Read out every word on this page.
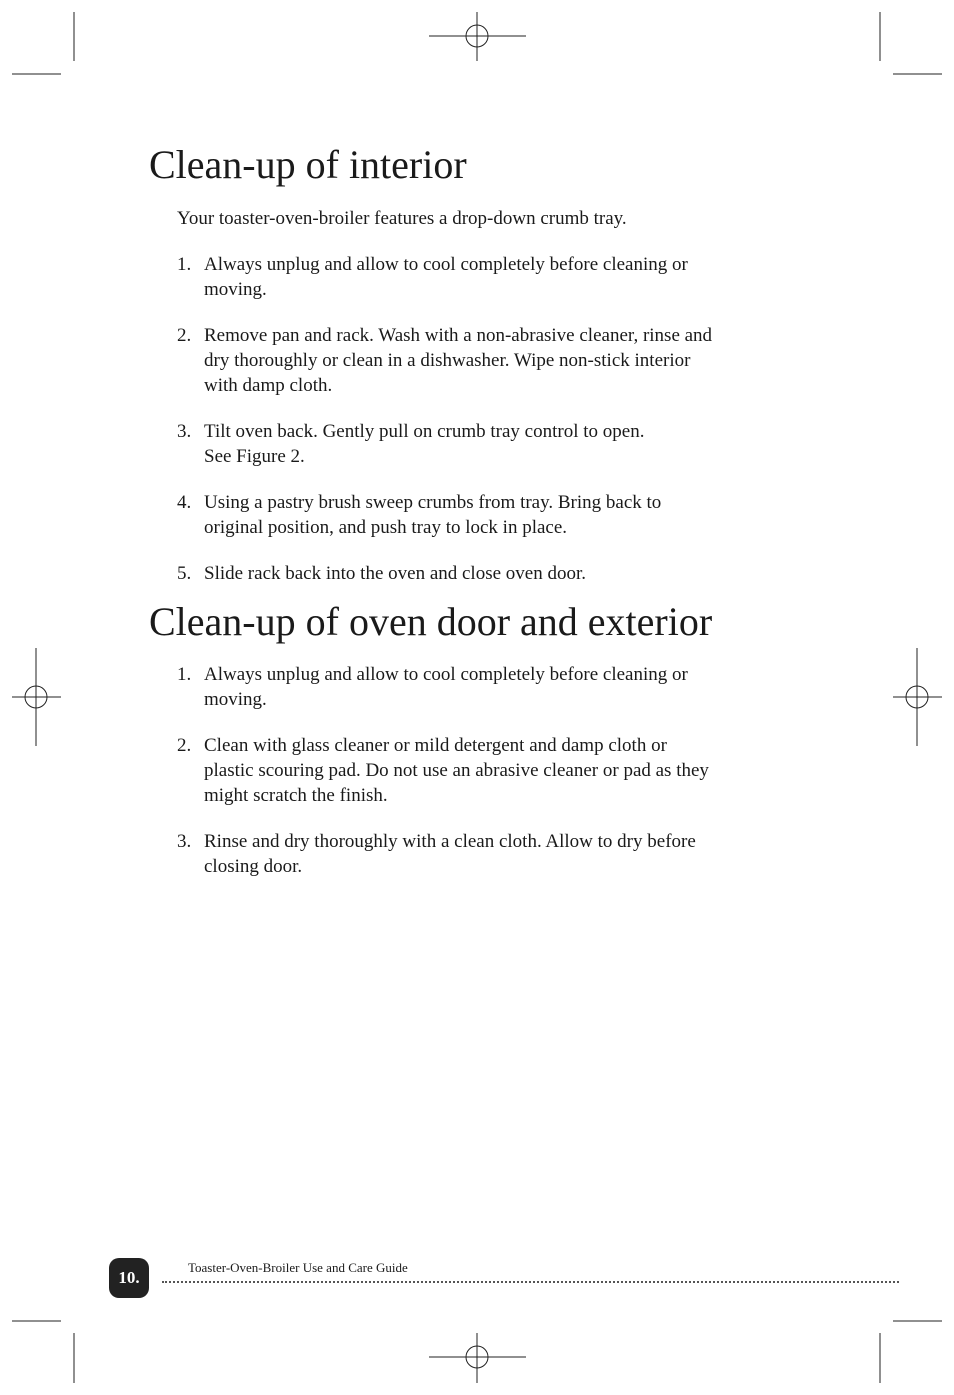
Clean-up of interior

Your toaster-oven-broiler features a drop-down crumb tray.

1. Always unplug and allow to cool completely before cleaning or
moving.
2. Remove pan and rack. Wash with a non-abrasive cleaner, rinse and
dry thoroughly or clean in a dishwasher. Wipe non-stick interior
with damp cloth.
3. Tilt oven back. Gently pull on crumb tray control to open.
See Figure 2.
4. Using a pastry brush sweep crumbs from tray. Bring back to
original position, and push tray to lock in place.
5. Slide rack back into the oven and close oven door.
Clean-up of oven door and exterior
1. Always unplug and allow to cool completely before cleaning or
moving.
2. Clean with glass cleaner or mild detergent and damp cloth or
plastic scouring pad. Do not use an abrasive cleaner or pad as they
might scratch the finish.
3. Rinse and dry thoroughly with a clean cloth. Allow to dry before
closing door.
10.
Toaster-Oven-Broiler Use and Care Guide
